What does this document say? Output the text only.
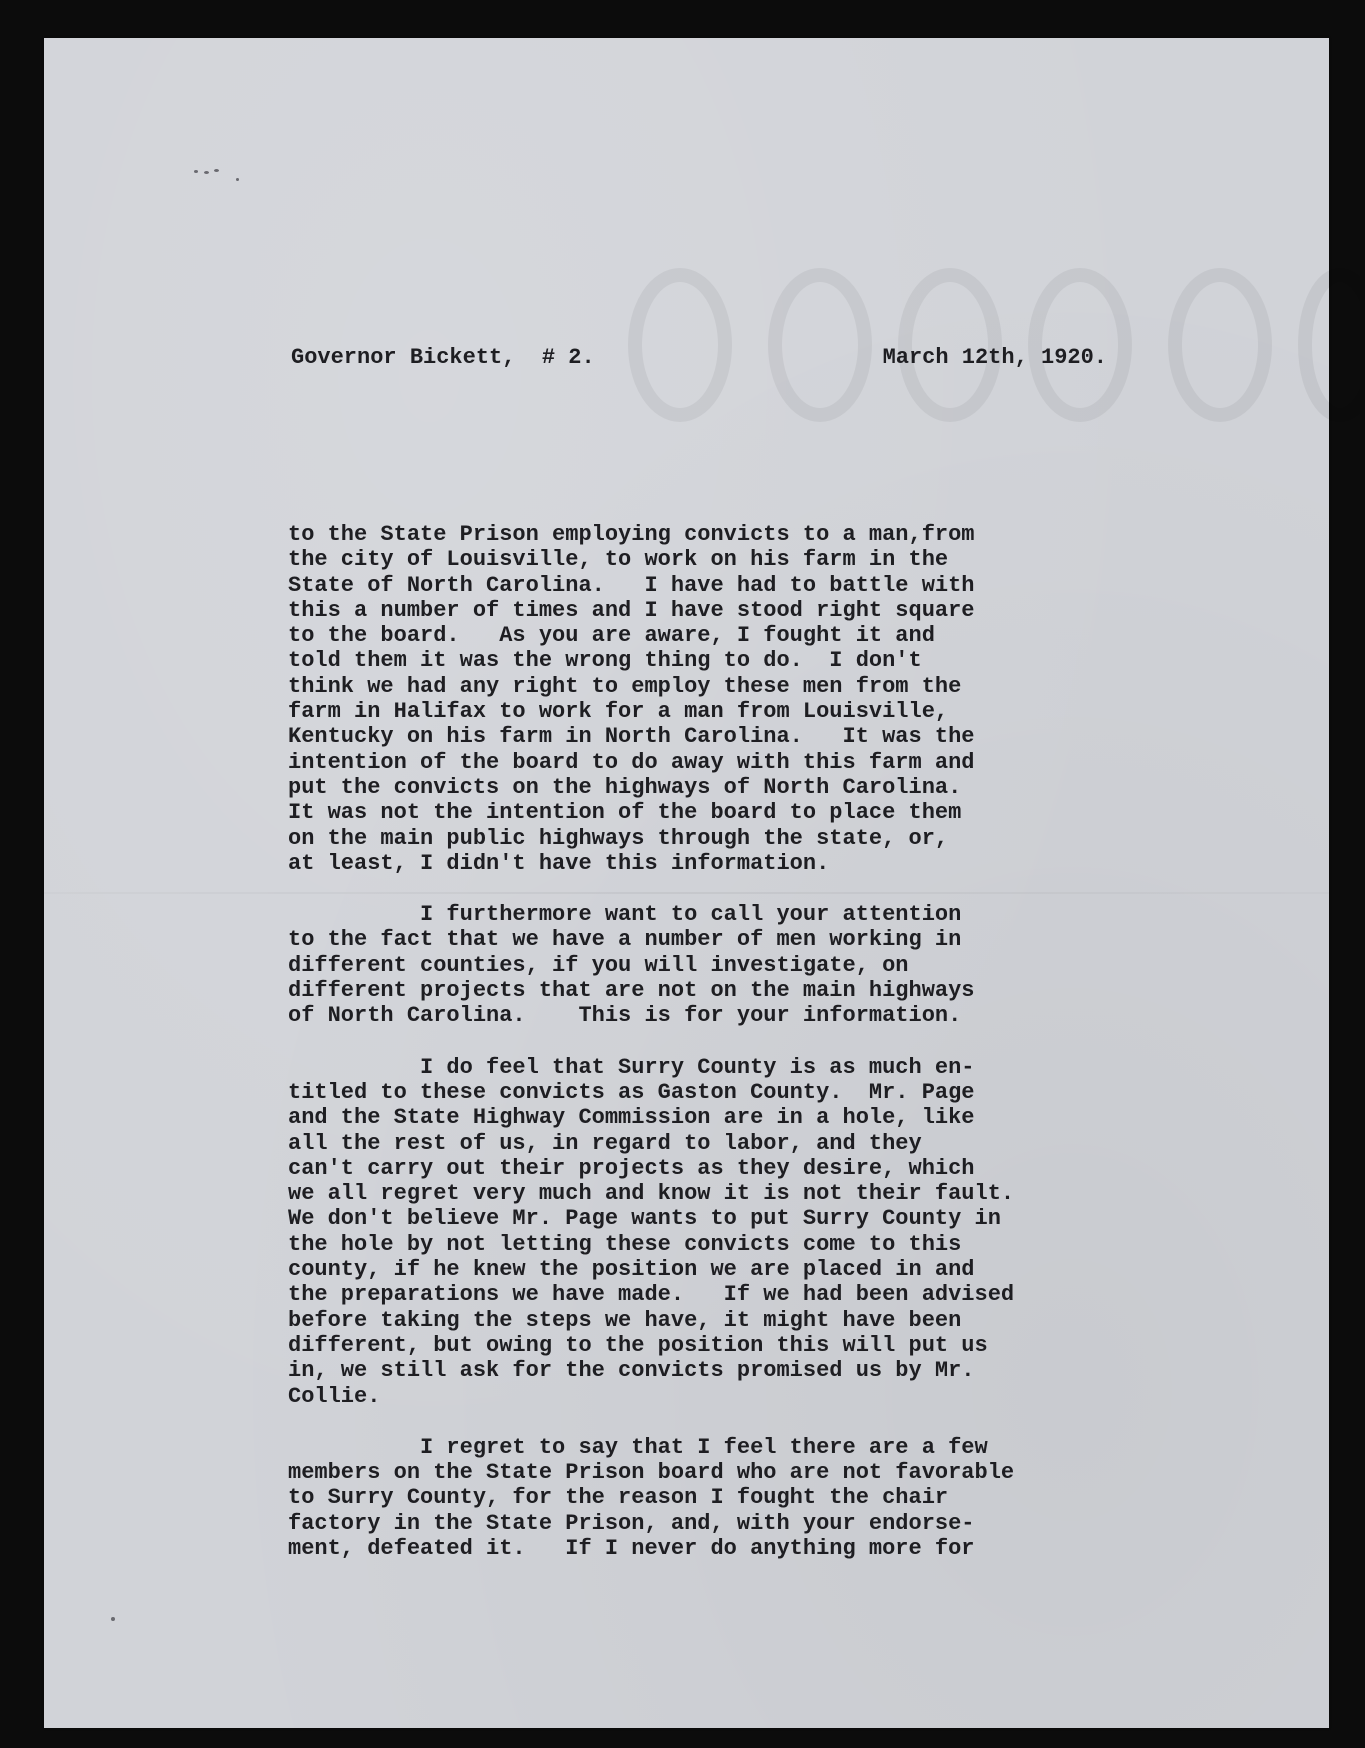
Governor Bickett,  # 2.	March 12th, 1920.

to the State Prison employing convicts to a man,from
the city of Louisville, to work on his farm in the
State of North Carolina.   I have had to battle with
this a number of times and I have stood right square
to the board.   As you are aware, I fought it and
told them it was the wrong thing to do.  I don't
think we had any right to employ these men from the
farm in Halifax to work for a man from Louisville,
Kentucky on his farm in North Carolina.   It was the
intention of the board to do away with this farm and
put the convicts on the highways of North Carolina.
It was not the intention of the board to place them
on the main public highways through the state, or,
at least, I didn't have this information.

I furthermore want to call your attention
to the fact that we have a number of men working in
different counties, if you will investigate, on
different projects that are not on the main highways
of North Carolina.    This is for your information.

I do feel that Surry County is as much en-
titled to these convicts as Gaston County.  Mr. Page
and the State Highway Commission are in a hole, like
all the rest of us, in regard to labor, and they
can't carry out their projects as they desire, which
we all regret very much and know it is not their fault.
We don't believe Mr. Page wants to put Surry County in
the hole by not letting these convicts come to this
county, if he knew the position we are placed in and
the preparations we have made.   If we had been advised
before taking the steps we have, it might have been
different, but owing to the position this will put us
in, we still ask for the convicts promised us by Mr.
Collie.

I regret to say that I feel there are a few
members on the State Prison board who are not favorable
to Surry County, for the reason I fought the chair
factory in the State Prison, and, with your endorse-
ment, defeated it.   If I never do anything more for
